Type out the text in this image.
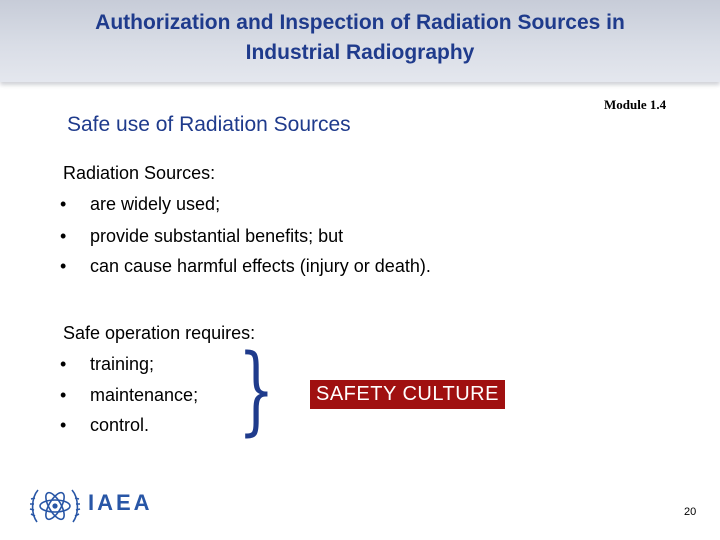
Authorization and Inspection of Radiation Sources in
Industrial Radiography
Module 1.4
Safe use of Radiation Sources
Radiation Sources:
• are widely used;
• provide substantial benefits; but
• can cause harmful effects (injury or death).
Safe operation requires:
• training;
• maintenance;
• control. }	SAFETY CULTURE
IAEA	20
